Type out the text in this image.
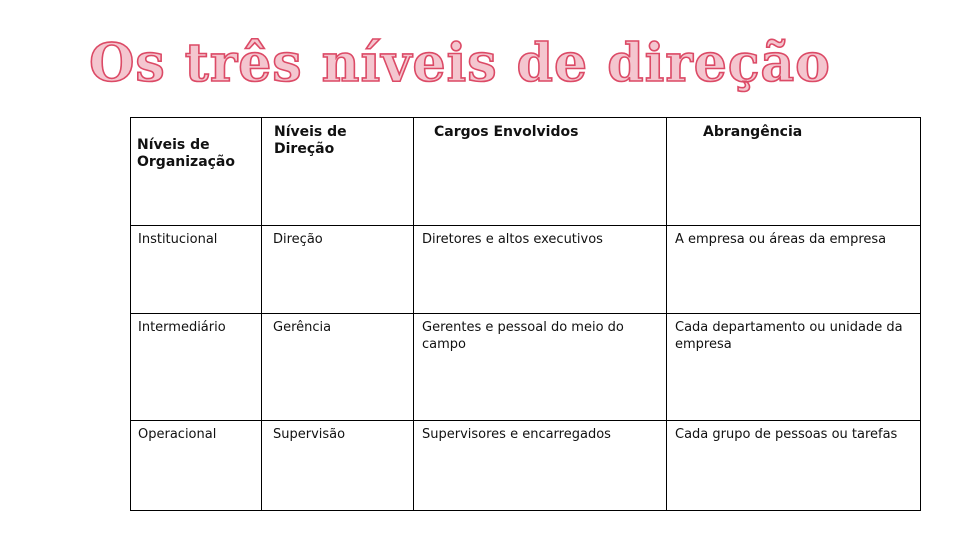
Os três níveis de direção
Níveis de Organização	Níveis de Direção	Cargos Envolvidos	Abrangência
Institucional	Direção	Diretores e altos executivos	A empresa ou áreas da empresa
Intermediário	Gerência	Gerentes e pessoal do meio do campo	Cada departamento ou unidade da empresa
Operacional	Supervisão	Supervisores e encarregados	Cada grupo de pessoas ou tarefas
